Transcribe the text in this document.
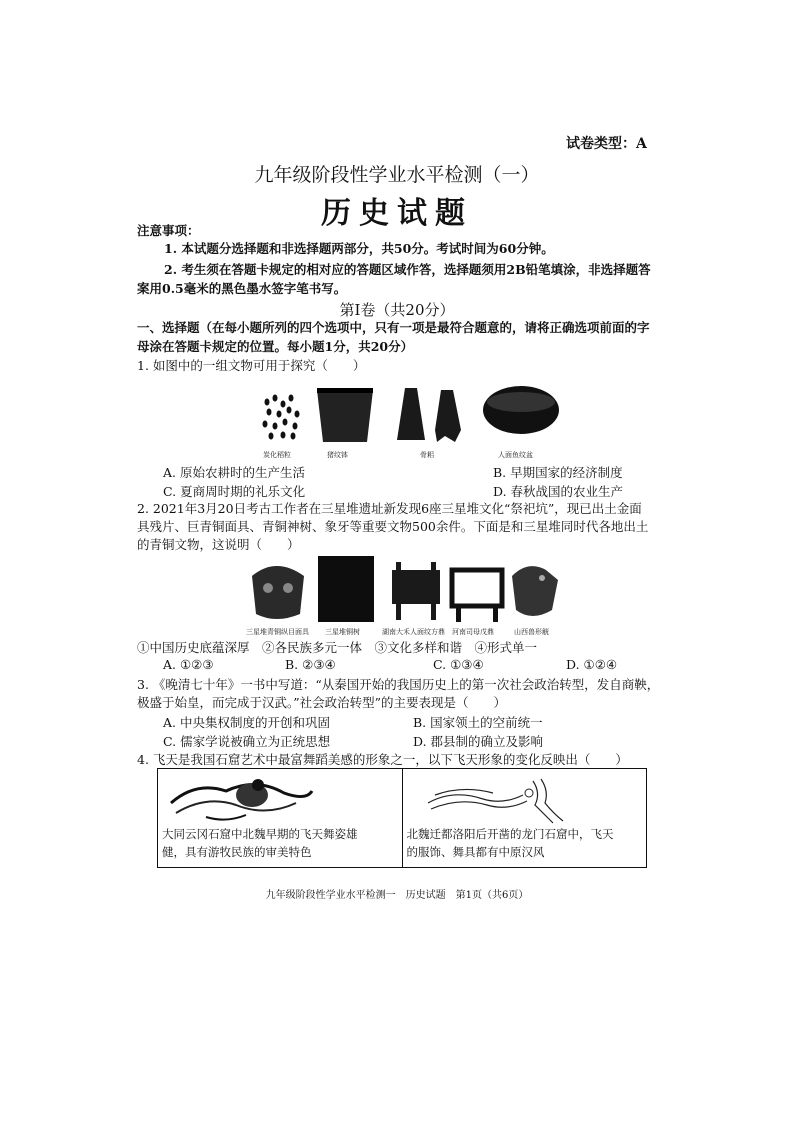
试卷类型：A
九年级阶段性学业水平检测（一）
历史试题
注意事项：
1. 本试题分选择题和非选择题两部分，共50分。考试时间为60分钟。
2. 考生须在答题卡规定的相对应的答题区域作答，选择题须用2B铅笔填涂，非选择题答
案用0.5毫米的黑色墨水签字笔书写。
第Ⅰ卷（共20分）
一、选择题（在每小题所列的四个选项中，只有一项是最符合题意的，请将正确选项前面的字
母涂在答题卡规定的位置。每小题1分，共20分）
1. 如图中的一组文物可用于探究（　　）
炭化稻粒	猪纹钵	骨耜	人面鱼纹盆
A. 原始农耕时的生产生活	B. 早期国家的经济制度
C. 夏商周时期的礼乐文化	D. 春秋战国的农业生产
2. 2021年3月20日考古工作者在三星堆遗址新发现6座三星堆文化“祭祀坑”，现已出土金面
具残片、巨青铜面具、青铜神树、象牙等重要文物500余件。下面是和三星堆同时代各地出土
的青铜文物，这说明（　　）
三星堆青铜纵目面具 三星堆铜树	湖南大禾人面纹方鼎 河南司母戊鼎	山西兽形觥
①中国历史底蕴深厚　②各民族多元一体　③文化多样和谐　④形式单一
A. ①②③	B. ②③④	C. ①③④	D. ①②④
3. 《晚清七十年》一书中写道：“从秦国开始的我国历史上的第一次社会政治转型，发自商鞅，
极盛于始皇，而完成于汉武。”社会政治转型”的主要表现是（　　）
A. 中央集权制度的开创和巩固	B. 国家领土的空前统一
C. 儒家学说被确立为正统思想	D. 郡县制的确立及影响
4. 飞天是我国石窟艺术中最富舞蹈美感的形象之一，以下飞天形象的变化反映出（　　）
大同云冈石窟中北魏早期的飞天舞姿雄
健，具有游牧民族的审美特色
北魏迁都洛阳后开凿的龙门石窟中，飞天
的服饰、舞具都有中原汉风
九年级阶段性学业水平检测一　历史试题　第1页（共6页）
